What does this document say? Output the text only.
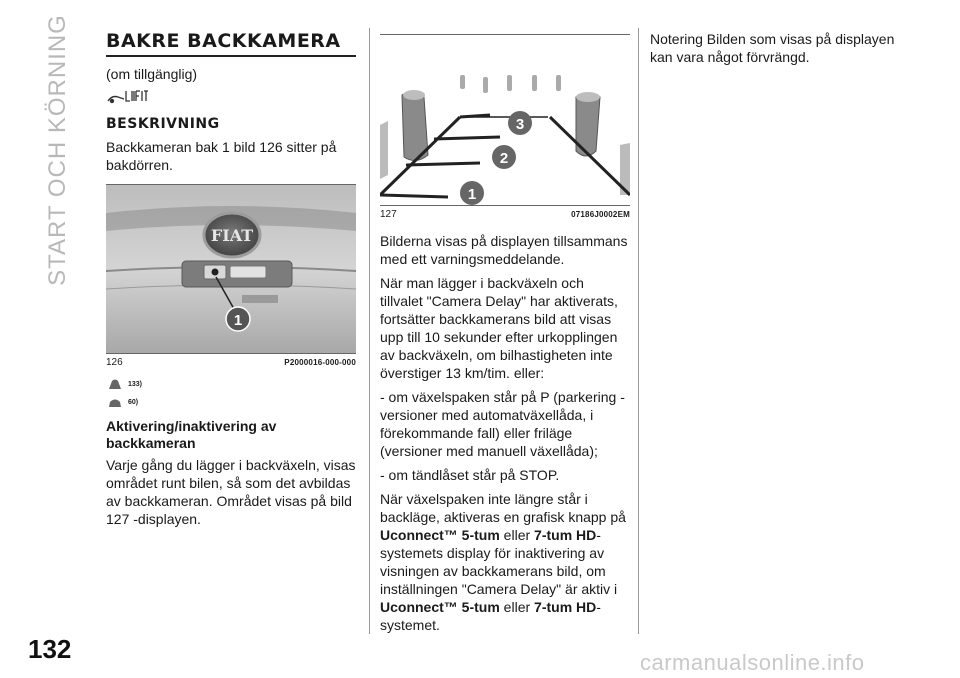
START OCH KÖRNING BAKRE BACKKAMERA

(om tillgänglig)

BESKRIVNING

Backkameran bak 1 bild 126 sitter på bakdörren.

FIAT
1
126	P2000016-000-000
133)
60)
Aktivering/inaktivering av backkameran

Varje gång du lägger i backväxeln, visas området runt bilen, så som det avbildas av backkameran. Området visas på bild 127 -displayen.

1
2
3
127	07186J0002EM

Bilderna visas på displayen tillsammans med ett varningsmeddelande.

När man lägger i backväxeln och tillvalet "Camera Delay" har aktiverats, fortsätter backkamerans bild att visas upp till 10 sekunder efter urkopplingen av backväxeln, om bilhastigheten inte överstiger 13 km/tim. eller:

- om växelspaken står på P (parkering - versioner med automatväxellåda, i förekommande fall) eller friläge (versioner med manuell växellåda);

- om tändlåset står på STOP.

När växelspaken inte längre står i backläge, aktiveras en grafisk knapp på Uconnect™ 5-tum eller 7-tum HD-systemets display för inaktivering av visningen av backkamerans bild, om inställningen "Camera Delay" är aktiv i Uconnect™ 5-tum eller 7-tum HD-systemet.

Notering Bilden som visas på displayen kan vara något förvrängd.

132	carmanualsonline.info
